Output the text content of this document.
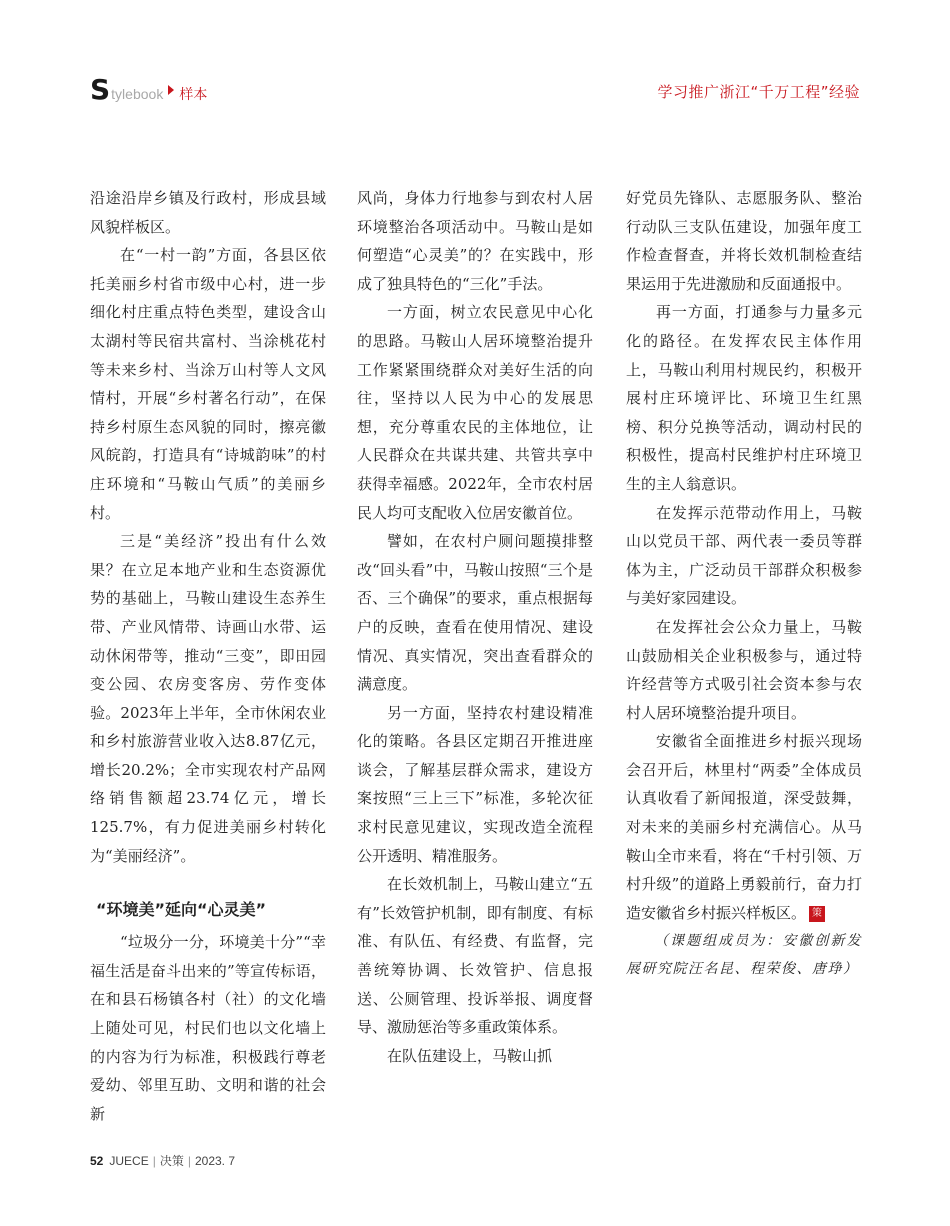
S tylebook 样本	学习推广浙江“千万工程”经验

沿途沿岸乡镇及行政村，形成县域风貌样板区。

在“一村一韵”方面，各县区依托美丽乡村省市级中心村，进一步细化村庄重点特色类型，建设含山太湖村等民宿共富村、当涂桃花村等未来乡村、当涂万山村等人文风情村，开展“乡村著名行动”，在保持乡村原生态风貌的同时，擦亮徽风皖韵，打造具有“诗城韵味”的村庄环境和“马鞍山气质”的美丽乡村。

三是“美经济”投出有什么效果？在立足本地产业和生态资源优势的基础上，马鞍山建设生态养生带、产业风情带、诗画山水带、运动休闲带等，推动“三变”，即田园变公园、农房变客房、劳作变体验。2023年上半年，全市休闲农业和乡村旅游营业收入达8.87亿元，增长20.2%；全市实现农村产品网络销售额超23.74亿元，增长125.7%，有力促进美丽乡村转化为“美丽经济”。

“环境美”延向“心灵美”

“垃圾分一分，环境美十分”“幸福生活是奋斗出来的”等宣传标语，在和县石杨镇各村（社）的文化墙上随处可见，村民们也以文化墙上的内容为行为标准，积极践行尊老爱幼、邻里互助、文明和谐的社会新

风尚，身体力行地参与到农村人居环境整治各项活动中。马鞍山是如何塑造“心灵美”的？在实践中，形成了独具特色的“三化”手法。

一方面，树立农民意见中心化的思路。马鞍山人居环境整治提升工作紧紧围绕群众对美好生活的向往，坚持以人民为中心的发展思想，充分尊重农民的主体地位，让人民群众在共谋共建、共管共享中获得幸福感。2022年，全市农村居民人均可支配收入位居安徽首位。

譬如，在农村户厕问题摸排整改“回头看”中，马鞍山按照“三个是否、三个确保”的要求，重点根据每户的反映，查看在使用情况、建设情况、真实情况，突出查看群众的满意度。

另一方面，坚持农村建设精准化的策略。各县区定期召开推进座谈会，了解基层群众需求，建设方案按照“三上三下”标准，多轮次征求村民意见建议，实现改造全流程公开透明、精准服务。

在长效机制上，马鞍山建立“五有”长效管护机制，即有制度、有标准、有队伍、有经费、有监督，完善统筹协调、长效管护、信息报送、公厕管理、投诉举报、调度督导、激励惩治等多重政策体系。

在队伍建设上，马鞍山抓

好党员先锋队、志愿服务队、整治行动队三支队伍建设，加强年度工作检查督查，并将长效机制检查结果运用于先进激励和反面通报中。

再一方面，打通参与力量多元化的路径。在发挥农民主体作用上，马鞍山利用村规民约，积极开展村庄环境评比、环境卫生红黑榜、积分兑换等活动，调动村民的积极性，提高村民维护村庄环境卫生的主人翁意识。

在发挥示范带动作用上，马鞍山以党员干部、两代表一委员等群体为主，广泛动员干部群众积极参与美好家园建设。

在发挥社会公众力量上，马鞍山鼓励相关企业积极参与，通过特许经营等方式吸引社会资本参与农村人居环境整治提升项目。

安徽省全面推进乡村振兴现场会召开后，林里村“两委”全体成员认真收看了新闻报道，深受鼓舞，对未来的美丽乡村充满信心。从马鞍山全市来看，将在“千村引领、万村升级”的道路上勇毅前行，奋力打造安徽省乡村振兴样板区。 策

（课题组成员为：安徽创新发展研究院汪名昆、程荣俊、唐琤）

52 JUECE | 决策 | 2023. 7
